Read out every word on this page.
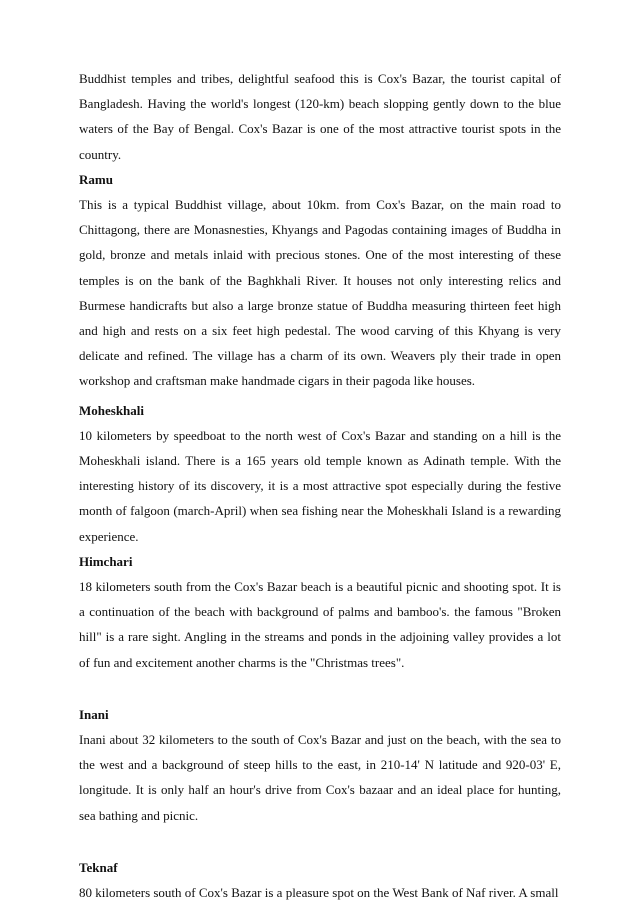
Buddhist temples and tribes, delightful seafood this is Cox's Bazar, the tourist capital of Bangladesh. Having the world's longest (120-km) beach slopping gently down to the blue waters of the Bay of Bengal. Cox's Bazar is one of the most attractive tourist spots in the country.

Ramu

This is a typical Buddhist village, about 10km. from Cox's Bazar, on the main road to Chittagong, there are Monasnesties, Khyangs and Pagodas containing images of Buddha in gold, bronze and metals inlaid with precious stones. One of the most interesting of these temples is on the bank of the Baghkhali River. It houses not only interesting relics and Burmese handicrafts but also a large bronze statue of Buddha measuring thirteen feet high and high and rests on a six feet high pedestal. The wood carving of this Khyang is very delicate and refined. The village has a charm of its own. Weavers ply their trade in open workshop and craftsman make handmade cigars in their pagoda like houses.

Moheskhali

10 kilometers by speedboat to the north west of Cox's Bazar and standing on a hill is the Moheskhali island. There is a 165 years old temple known as Adinath temple. With the interesting history of its discovery, it is a most attractive spot especially during the festive month of falgoon (march-April) when sea fishing near the Moheskhali Island is a rewarding experience.

Himchari

18 kilometers south from the Cox's Bazar beach is a beautiful picnic and shooting spot. It is a continuation of the beach with background of palms and bamboo's. the famous "Broken hill" is a rare sight. Angling in the streams and ponds in the adjoining valley provides a lot of fun and excitement another charms is the "Christmas trees".

Inani

Inani about 32 kilometers to the south of Cox's Bazar and just on the beach, with the sea to the west and a background of steep hills to the east, in 210-14' N latitude and 920-03' E, longitude. It is only half an hour's drive from Cox's bazaar and an ideal place for hunting, sea bathing and picnic.

Teknaf

80 kilometers south of Cox's Bazar is a pleasure spot on the West Bank of Naf river. A small
